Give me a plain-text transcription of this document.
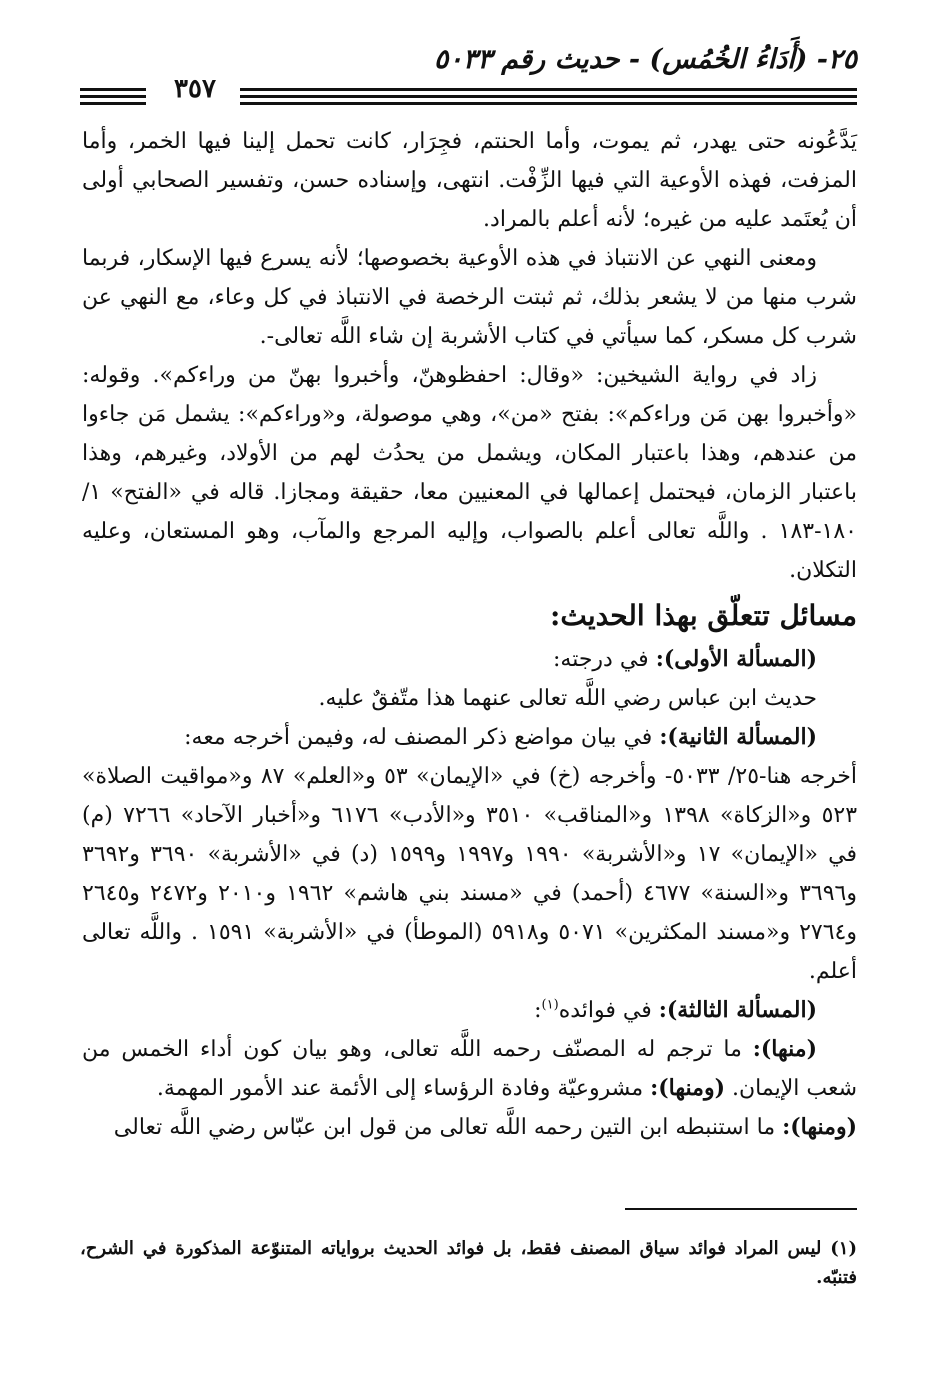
٢٥- (أَدَاءُ الخُمُس) - حديث رقم ٥٠٣٣
٣٥٧

يَدَّعُونه حتى يهدر، ثم يموت، وأما الحنتم، فجِرَار، كانت تحمل إلينا فيها الخمر، وأما المزفت، فهذه الأوعية التي فيها الزِّفْت. انتهى، وإسناده حسن، وتفسير الصحابي أولى أن يُعتَمد عليه من غيره؛ لأنه أعلم بالمراد.

ومعنى النهي عن الانتباذ في هذه الأوعية بخصوصها؛ لأنه يسرع فيها الإسكار، فربما شرب منها من لا يشعر بذلك، ثم ثبتت الرخصة في الانتباذ في كل وعاء، مع النهي عن شرب كل مسكر، كما سيأتي في كتاب الأشربة إن شاء اللَّه تعالى-.

زاد في رواية الشيخين: «وقال: احفظوهنّ، وأخبروا بهنّ من وراءكم». وقوله: «وأخبروا بهن مَن وراءكم»: بفتح «من»، وهي موصولة، و«وراءكم»: يشمل مَن جاءوا من عندهم، وهذا باعتبار المكان، ويشمل من يحدُث لهم من الأولاد، وغيرهم، وهذا باعتبار الزمان، فيحتمل إعمالها في المعنيين معا، حقيقة ومجازا. قاله في «الفتح» ١/ ١٨٠-١٨٣ . واللَّه تعالى أعلم بالصواب، وإليه المرجع والمآب، وهو المستعان، وعليه التكلان.

مسائل تتعلّق بهذا الحديث:

(المسألة الأولى): في درجته:

حديث ابن عباس رضي اللَّه تعالى عنهما هذا متّفقٌ عليه.

(المسألة الثانية): في بيان مواضع ذكر المصنف له، وفيمن أخرجه معه:

أخرجه هنا-٢٥/ ٥٠٣٣- وأخرجه (خ) في «الإيمان» ٥٣ و«العلم» ٨٧ و«مواقيت الصلاة» ٥٢٣ و«الزكاة» ١٣٩٨ و«المناقب» ٣٥١٠ و«الأدب» ٦١٧٦ و«أخبار الآحاد» ٧٢٦٦ (م) في «الإيمان» ١٧ و«الأشربة» ١٩٩٠ و١٩٩٧ و١٥٩٩ (د) في «الأشربة» ٣٦٩٠ و٣٦٩٢ و٣٦٩٦ و«السنة» ٤٦٧٧ (أحمد) في «مسند بني هاشم» ١٩٦٢ و٢٠١٠ و٢٤٧٢ و٢٦٤٥ و٢٧٦٤ و«مسند المكثرين» ٥٠٧١ و٥٩١٨ (الموطأ) في «الأشربة» ١٥٩١ . واللَّه تعالى أعلم.

(المسألة الثالثة): في فوائده$^{(١)}$:

(منها): ما ترجم له المصنّف رحمه اللَّه تعالى، وهو بيان كون أداء الخمس من شعب الإيمان. (ومنها): مشروعيّة وفادة الرؤساء إلى الأئمة عند الأمور المهمة.

(ومنها): ما استنبطه ابن التين رحمه اللَّه تعالى من قول ابن عبّاس رضي اللَّه تعالى

(١) ليس المراد فوائد سياق المصنف فقط، بل فوائد الحديث برواياته المتنوّعة المذكورة في الشرح، فتنبّه.
